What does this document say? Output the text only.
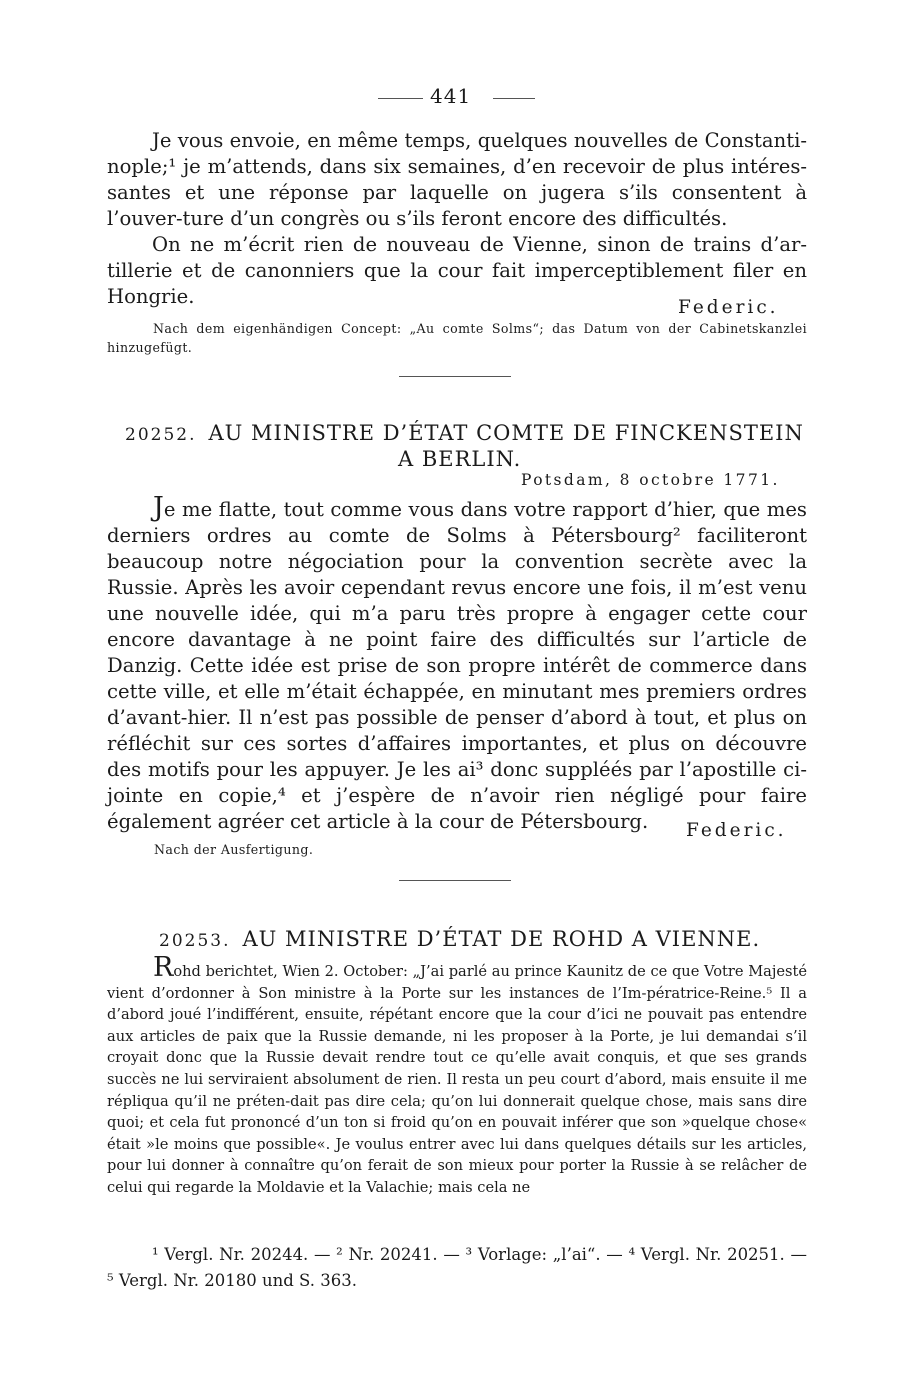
441

Je vous envoie, en même temps, quelques nouvelles de Constanti-nople;¹ je m’attends, dans six semaines, d’en recevoir de plus intéres-santes et une réponse par laquelle on jugera s’ils consentent à l’ouver-ture d’un congrès ou s’ils feront encore des difficultés.

On ne m’écrit rien de nouveau de Vienne, sinon de trains d’ar-tillerie et de canonniers que la cour fait imperceptiblement filer en Hongrie.	Federic.

Nach dem eigenhändigen Concept: „Au comte Solms“; das Datum von der Cabinetskanzlei hinzugefügt.

20252. AU MINISTRE D’ÉTAT COMTE DE FINCKENSTEIN
A BERLIN.
Potsdam, 8 octobre 1771.

Je me flatte, tout comme vous dans votre rapport d’hier, que mes derniers ordres au comte de Solms à Pétersbourg² faciliteront beaucoup notre négociation pour la convention secrète avec la Russie. Après les avoir cependant revus encore une fois, il m’est venu une nouvelle idée, qui m’a paru très propre à engager cette cour encore davantage à ne point faire des difficultés sur l’article de Danzig. Cette idée est prise de son propre intérêt de commerce dans cette ville, et elle m’était échappée, en minutant mes premiers ordres d’avant-hier. Il n’est pas possible de penser d’abord à tout, et plus on réfléchit sur ces sortes d’affaires importantes, et plus on découvre des motifs pour les appuyer. Je les ai³ donc suppléés par l’apostille ci-jointe en copie,⁴ et j’espère de n’avoir rien négligé pour faire également agréer cet article à la cour de Pétersbourg.	Federic.

Nach der Ausfertigung.

20253. AU MINISTRE D’ÉTAT DE ROHD A VIENNE.

Rohd berichtet, Wien 2. October: „J’ai parlé au prince Kaunitz de ce que Votre Majesté vient d’ordonner à Son ministre à la Porte sur les instances de l’Im-pératrice-Reine.⁵ Il a d’abord joué l’indifférent, ensuite, répétant encore que la cour d’ici ne pouvait pas entendre aux articles de paix que la Russie demande, ni les proposer à la Porte, je lui demandai s’il croyait donc que la Russie devait rendre tout ce qu’elle avait conquis, et que ses grands succès ne lui serviraient absolument de rien. Il resta un peu court d’abord, mais ensuite il me répliqua qu’il ne préten-dait pas dire cela; qu’on lui donnerait quelque chose, mais sans dire quoi; et cela fut prononcé d’un ton si froid qu’on en pouvait inférer que son »quelque chose« était »le moins que possible«. Je voulus entrer avec lui dans quelques détails sur les articles, pour lui donner à connaître qu’on ferait de son mieux pour porter la Russie à se relâcher de celui qui regarde la Moldavie et la Valachie; mais cela ne

¹ Vergl. Nr. 20244. — ² Nr. 20241. — ³ Vorlage: „l’ai“. — ⁴ Vergl. Nr. 20251. — ⁵ Vergl. Nr. 20180 und S. 363.
